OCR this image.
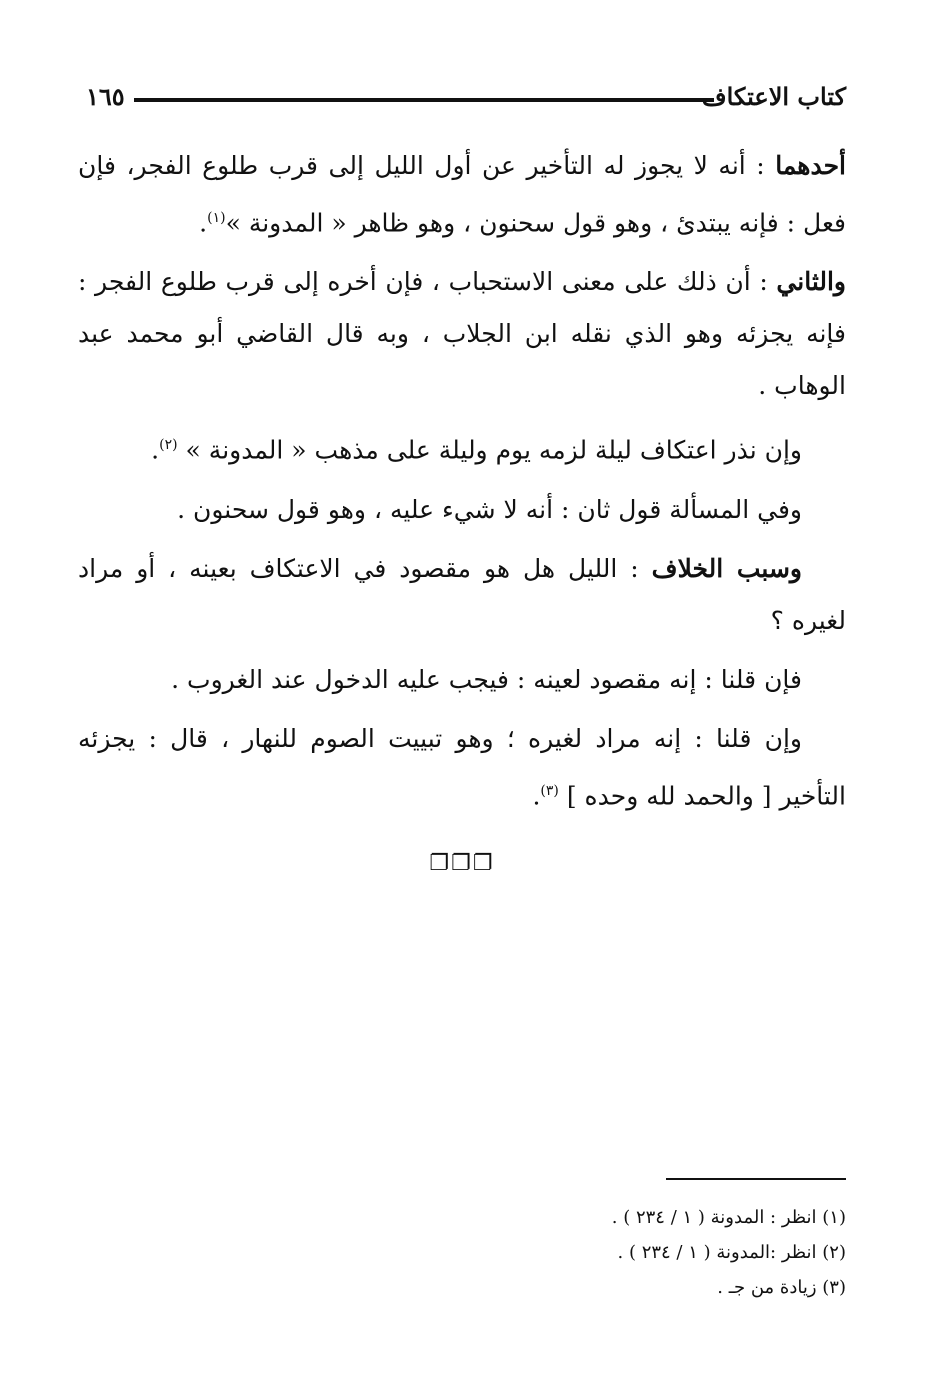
١٦٥	كتاب الاعتكاف

أحدهما : أنه لا يجوز له التأخير عن أول الليل إلى قرب طلوع الفجر، فإن فعل : فإنه يبتدئ ، وهو قول سحنون ، وهو ظاهر « المدونة »$^{(١)}$.

والثاني : أن ذلك على معنى الاستحباب ، فإن أخره إلى قرب طلوع الفجر : فإنه يجزئه وهو الذي نقله ابن الجلاب ، وبه قال القاضي أبو محمد عبد الوهاب .

وإن نذر اعتكاف ليلة لزمه يوم وليلة على مذهب « المدونة » $^{(٢)}$.

وفي المسألة قول ثان : أنه لا شيء عليه ، وهو قول سحنون .

وسبب الخلاف : الليل هل هو مقصود في الاعتكاف بعينه ، أو مراد لغيره ؟

فإن قلنا : إنه مقصود لعينه : فيجب عليه الدخول عند الغروب .

وإن قلنا : إنه مراد لغيره ؛ وهو تبييت الصوم للنهار ، قال : يجزئه التأخير [ والحمد لله وحده ] $^{(٣)}$.

❐❐❐

(١) انظر : المدونة ( ١ / ٢٣٤ ) .

(٢) انظر :المدونة ( ١ / ٢٣٤ ) .

(٣) زيادة من جـ .
